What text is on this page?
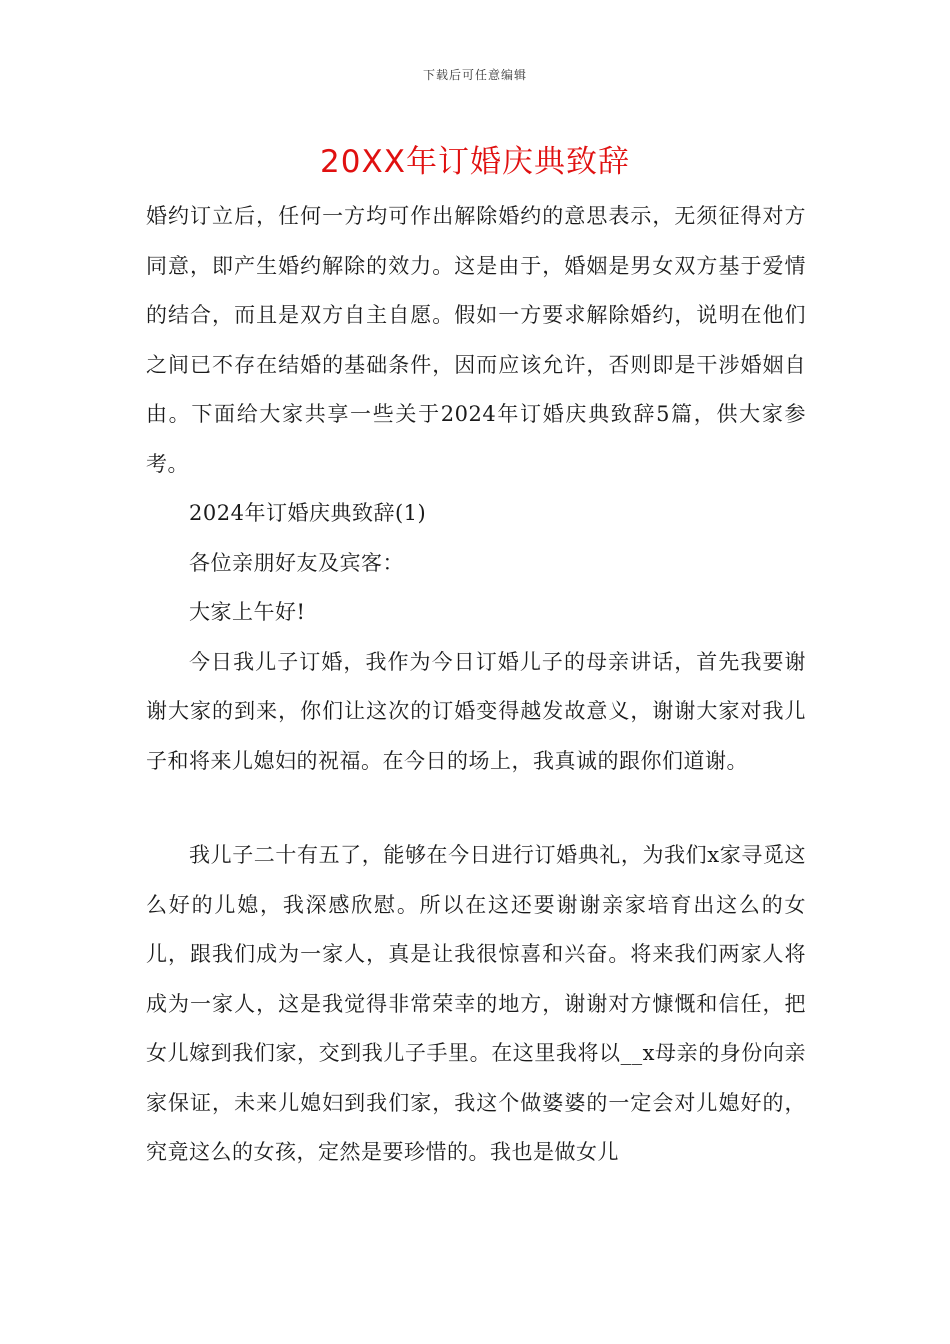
下载后可任意编辑
20XX年订婚庆典致辞

婚约订立后，任何一方均可作出解除婚约的意思表示，无须征得对方同意，即产生婚约解除的效力。这是由于，婚姻是男女双方基于爱情的结合，而且是双方自主自愿。假如一方要求解除婚约，说明在他们之间已不存在结婚的基础条件，因而应该允许，否则即是干涉婚姻自由。下面给大家共享一些关于2024年订婚庆典致辞5篇，供大家参考。

2024年订婚庆典致辞(1)

各位亲朋好友及宾客：

大家上午好!

今日我儿子订婚，我作为今日订婚儿子的母亲讲话，首先我要谢谢大家的到来，你们让这次的订婚变得越发故意义，谢谢大家对我儿子和将来儿媳妇的祝福。在今日的场上，我真诚的跟你们道谢。

我儿子二十有五了，能够在今日进行订婚典礼，为我们x家寻觅这么好的儿媳，我深感欣慰。所以在这还要谢谢亲家培育出这么的女儿，跟我们成为一家人，真是让我很惊喜和兴奋。将来我们两家人将成为一家人，这是我觉得非常荣幸的地方，谢谢对方慷慨和信任，把女儿嫁到我们家，交到我儿子手里。在这里我将以__x母亲的身份向亲家保证，未来儿媳妇到我们家，我这个做婆婆的一定会对儿媳好的，究竟这么的女孩，定然是要珍惜的。我也是做女儿
